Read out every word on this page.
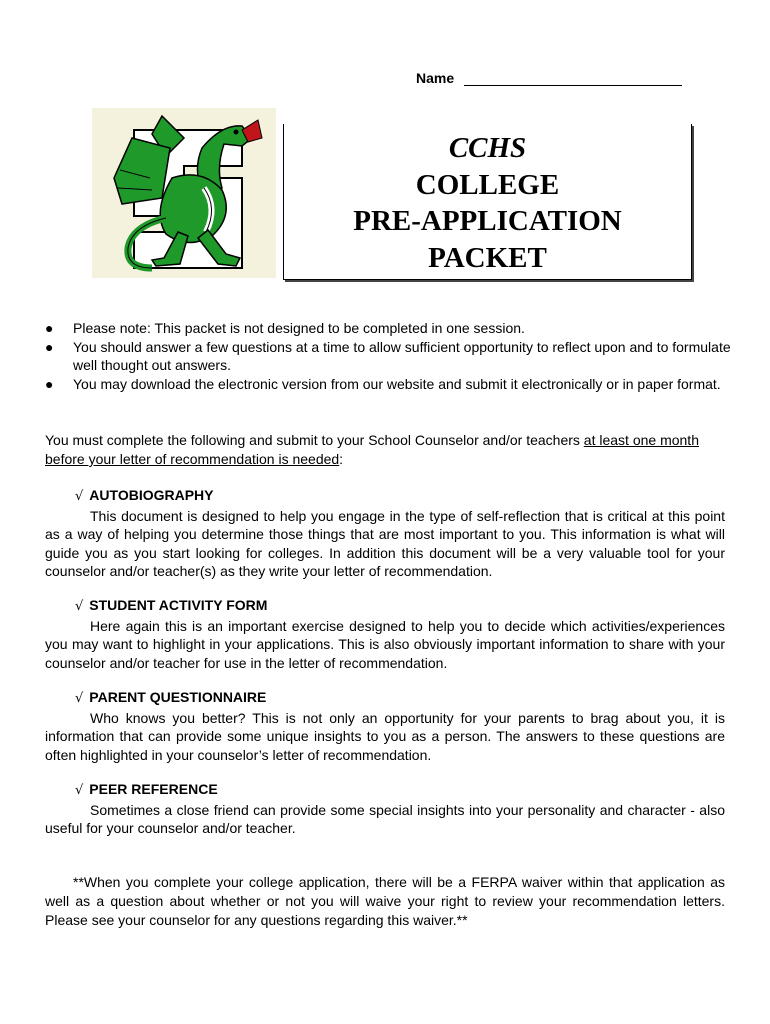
Name
CCHS
COLLEGE
PRE-APPLICATION
PACKET
● Please note: This packet is not designed to be completed in one session.
● You should answer a few questions at a time to allow sufficient opportunity to reflect upon and to formulate well thought out answers.
● You may download the electronic version from our website and submit it electronically or in paper format.
You must complete the following and submit to your School Counselor and/or teachers at least one month before your letter of recommendation is needed:
√ AUTOBIOGRAPHY
This document is designed to help you engage in the type of self-reflection that is critical at this point as a way of helping you determine those things that are most important to you. This information is what will guide you as you start looking for colleges. In addition this document will be a very valuable tool for your counselor and/or teacher(s) as they write your letter of recommendation.
√ STUDENT ACTIVITY FORM
Here again this is an important exercise designed to help you to decide which activities/experiences you may want to highlight in your applications. This is also obviously important information to share with your counselor and/or teacher for use in the letter of recommendation.
√ PARENT QUESTIONNAIRE
Who knows you better? This is not only an opportunity for your parents to brag about you, it is information that can provide some unique insights to you as a person. The answers to these questions are often highlighted in your counselor’s letter of recommendation.
√ PEER REFERENCE
Sometimes a close friend can provide some special insights into your personality and character - also useful for your counselor and/or teacher.
**When you complete your college application, there will be a FERPA waiver within that application as well as a question about whether or not you will waive your right to review your recommendation letters. Please see your counselor for any questions regarding this waiver.**
